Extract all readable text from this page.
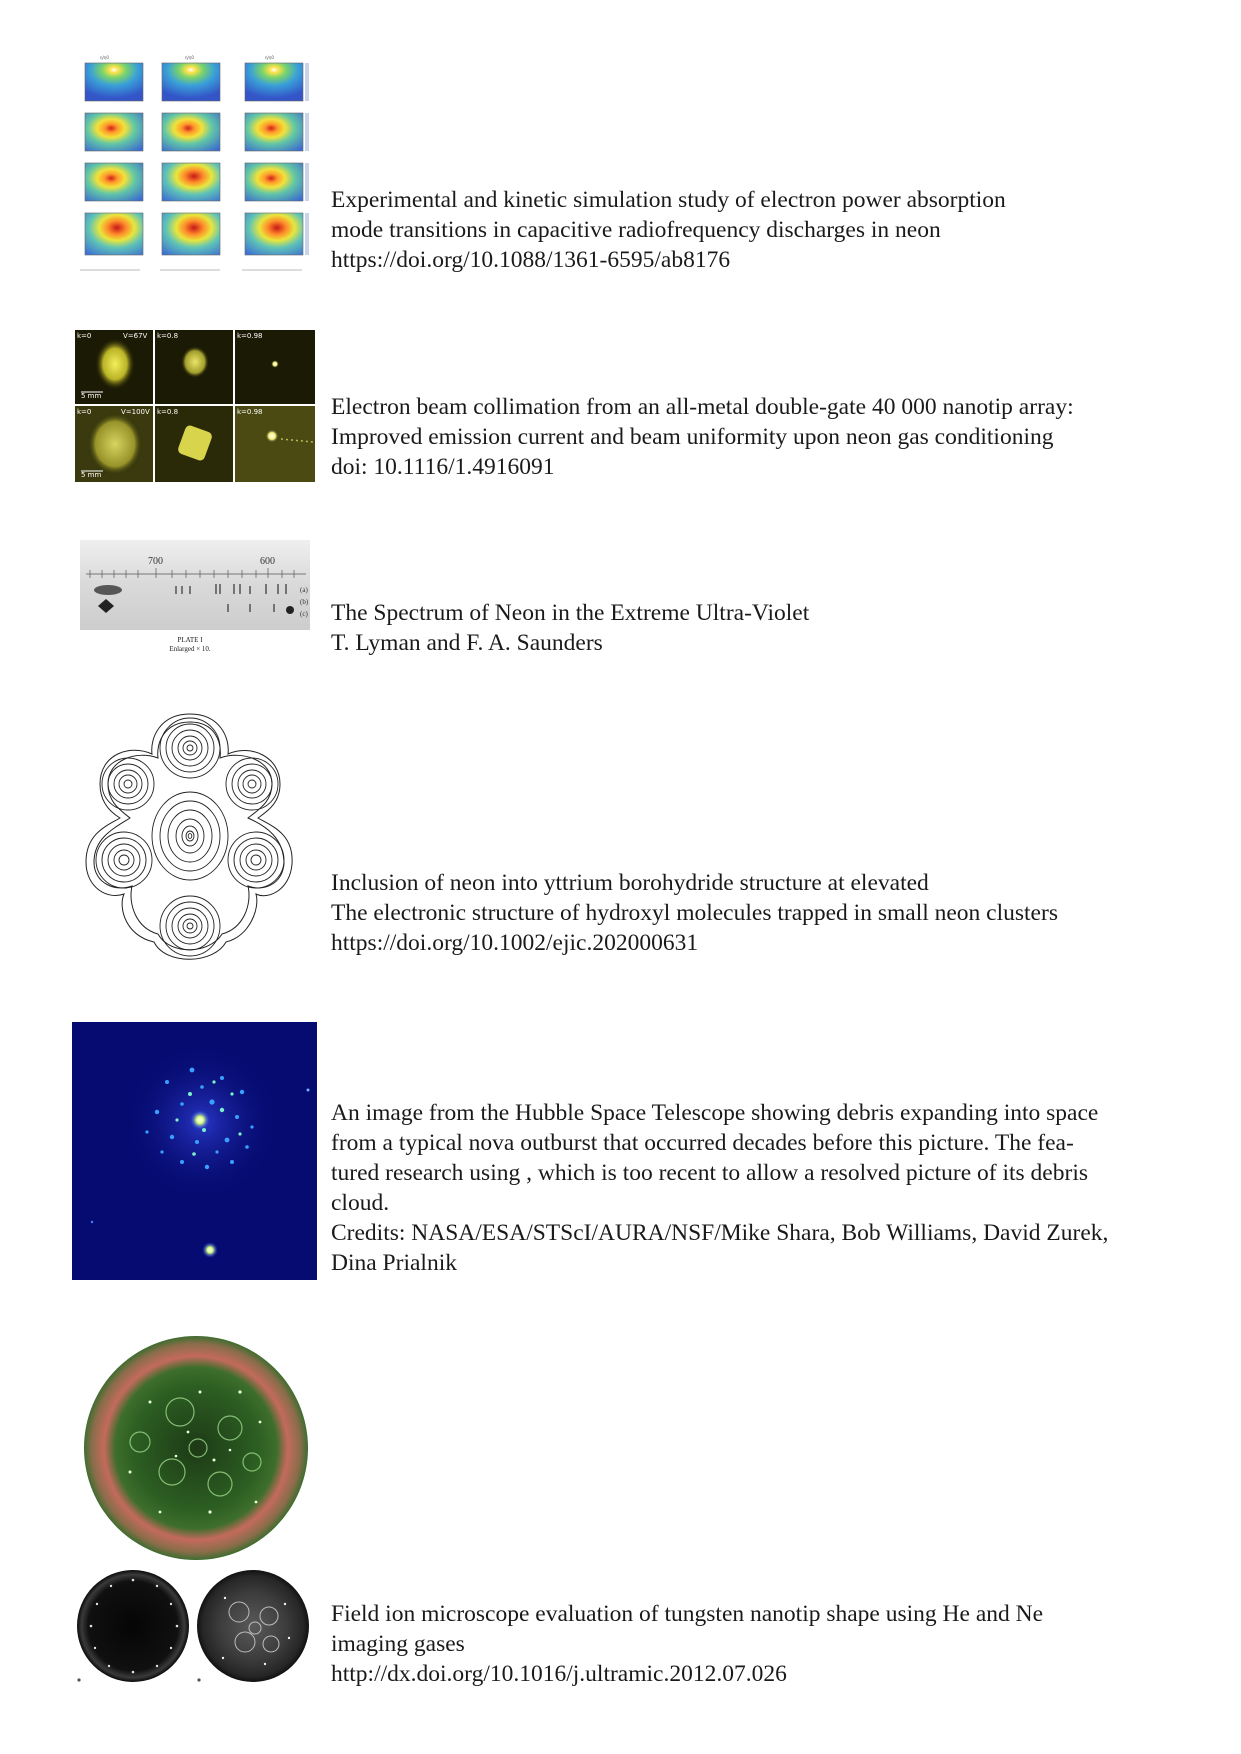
η/η0	η/η0	η/η0
Experimental and kinetic simulation study of electron power absorption
mode transitions in capacitive radiofrequency discharges in neon
https://doi.org/10.1088/1361-6595/ab8176
k=0	V=67V k=0.8	k=0.98
5 mm
k=0	V=100V k=0.8	k=0.98
5 mm
Electron beam collimation from an all-metal double-gate 40 000 nanotip array:
Improved emission current and beam uniformity upon neon gas conditioning
doi: 10.1116/1.4916091
700	600
(a)
(b)
(c)
PLATE I
Enlarged × 10.
The Spectrum of Neon in the Extreme Ultra-Violet
T. Lyman and F. A. Saunders
Inclusion of neon into yttrium borohydride structure at elevated
The electronic structure of hydroxyl molecules trapped in small neon clusters
https://doi.org/10.1002/ejic.202000631
An image from the Hubble Space Telescope showing debris expanding into space
from a typical nova outburst that occurred decades before this picture. The fea-
tured research using , which is too recent to allow a resolved picture of its debris
cloud.
Credits: NASA/ESA/STScI/AURA/NSF/Mike Shara, Bob Williams, David Zurek,
Dina Prialnik
Field ion microscope evaluation of tungsten nanotip shape using He and Ne
imaging gases
http://dx.doi.org/10.1016/j.ultramic.2012.07.026
